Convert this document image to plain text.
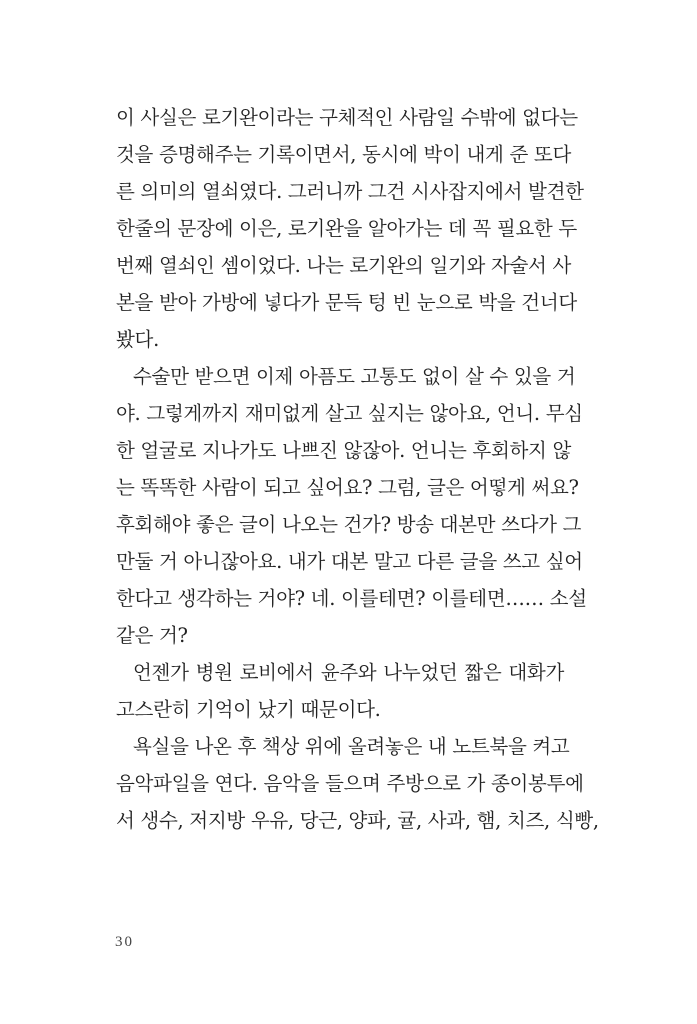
이 사실은 로기완이라는 구체적인 사람일 수밖에 없다는
것을 증명해주는 기록이면서, 동시에 박이 내게 준 또다
른 의미의 열쇠였다. 그러니까 그건 시사잡지에서 발견한
한줄의 문장에 이은, 로기완을 알아가는 데 꼭 필요한 두
번째 열쇠인 셈이었다. 나는 로기완의 일기와 자술서 사
본을 받아 가방에 넣다가 문득 텅 빈 눈으로 박을 건너다
봤다.
수술만 받으면 이제 아픔도 고통도 없이 살 수 있을 거
야. 그렇게까지 재미없게 살고 싶지는 않아요, 언니. 무심
한 얼굴로 지나가도 나쁘진 않잖아. 언니는 후회하지 않
는 똑똑한 사람이 되고 싶어요? 그럼, 글은 어떻게 써요?
후회해야 좋은 글이 나오는 건가? 방송 대본만 쓰다가 그
만둘 거 아니잖아요. 내가 대본 말고 다른 글을 쓰고 싶어
한다고 생각하는 거야? 네. 이를테면? 이를테면…… 소설
같은 거?
언젠가 병원 로비에서 윤주와 나누었던 짧은 대화가
고스란히 기억이 났기 때문이다.
욕실을 나온 후 책상 위에 올려놓은 내 노트북을 켜고
음악파일을 연다. 음악을 들으며 주방으로 가 종이봉투에
서 생수, 저지방 우유, 당근, 양파, 귤, 사과, 햄, 치즈, 식빵,
30
